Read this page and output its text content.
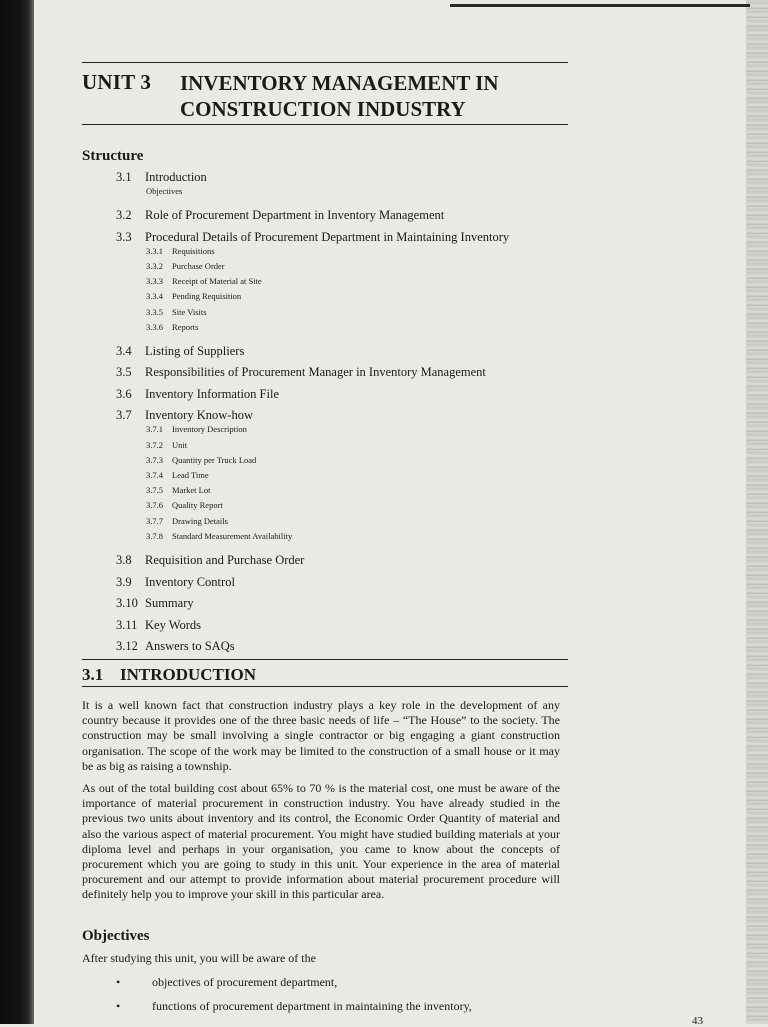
UNIT 3 INVENTORY MANAGEMENT IN
CONSTRUCTION INDUSTRY
Structure
3.1 Introduction
Objectives
3.2 Role of Procurement Department in Inventory Management
3.3 Procedural Details of Procurement Department in Maintaining Inventory
3.3.1 Requisitions
3.3.2 Purchase Order
3.3.3 Receipt of Material at Site
3.3.4 Pending Requisition
3.3.5 Site Visits
3.3.6 Reports
3.4 Listing of Suppliers
3.5 Responsibilities of Procurement Manager in Inventory Management
3.6 Inventory Information File
3.7 Inventory Know-how
3.7.1 Inventory Description
3.7.2 Unit
3.7.3 Quantity per Truck Load
3.7.4 Lead Time
3.7.5 Market Lot
3.7.6 Quality Report
3.7.7 Drawing Details
3.7.8 Standard Measurement Availability
3.8 Requisition and Purchase Order
3.9 Inventory Control
3.10 Summary
3.11 Key Words
3.12 Answers to SAQs
3.1 INTRODUCTION

It is a well known fact that construction industry plays a key role in the development of any country because it provides one of the three basic needs of life – “The House” to the society. The construction may be small involving a single contractor or big engaging a giant construction organisation. The scope of the work may be limited to the construction of a small house or it may be as big as raising a township.

As out of the total building cost about 65% to 70 % is the material cost, one must be aware of the importance of material procurement in construction industry. You have already studied in the previous two units about inventory and its control, the Economic Order Quantity of material and also the various aspect of material procurement. You might have studied building materials at your diploma level and perhaps in your organisation, you came to know about the concepts of procurement which you are going to study in this unit. Your experience in the area of material procurement and our attempt to provide information about material procurement procedure will definitely help you to improve your skill in this particular area.

Objectives

After studying this unit, you will be aware of the

•	objectives of procurement department,
•	functions of procurement department in maintaining the inventory,
43
